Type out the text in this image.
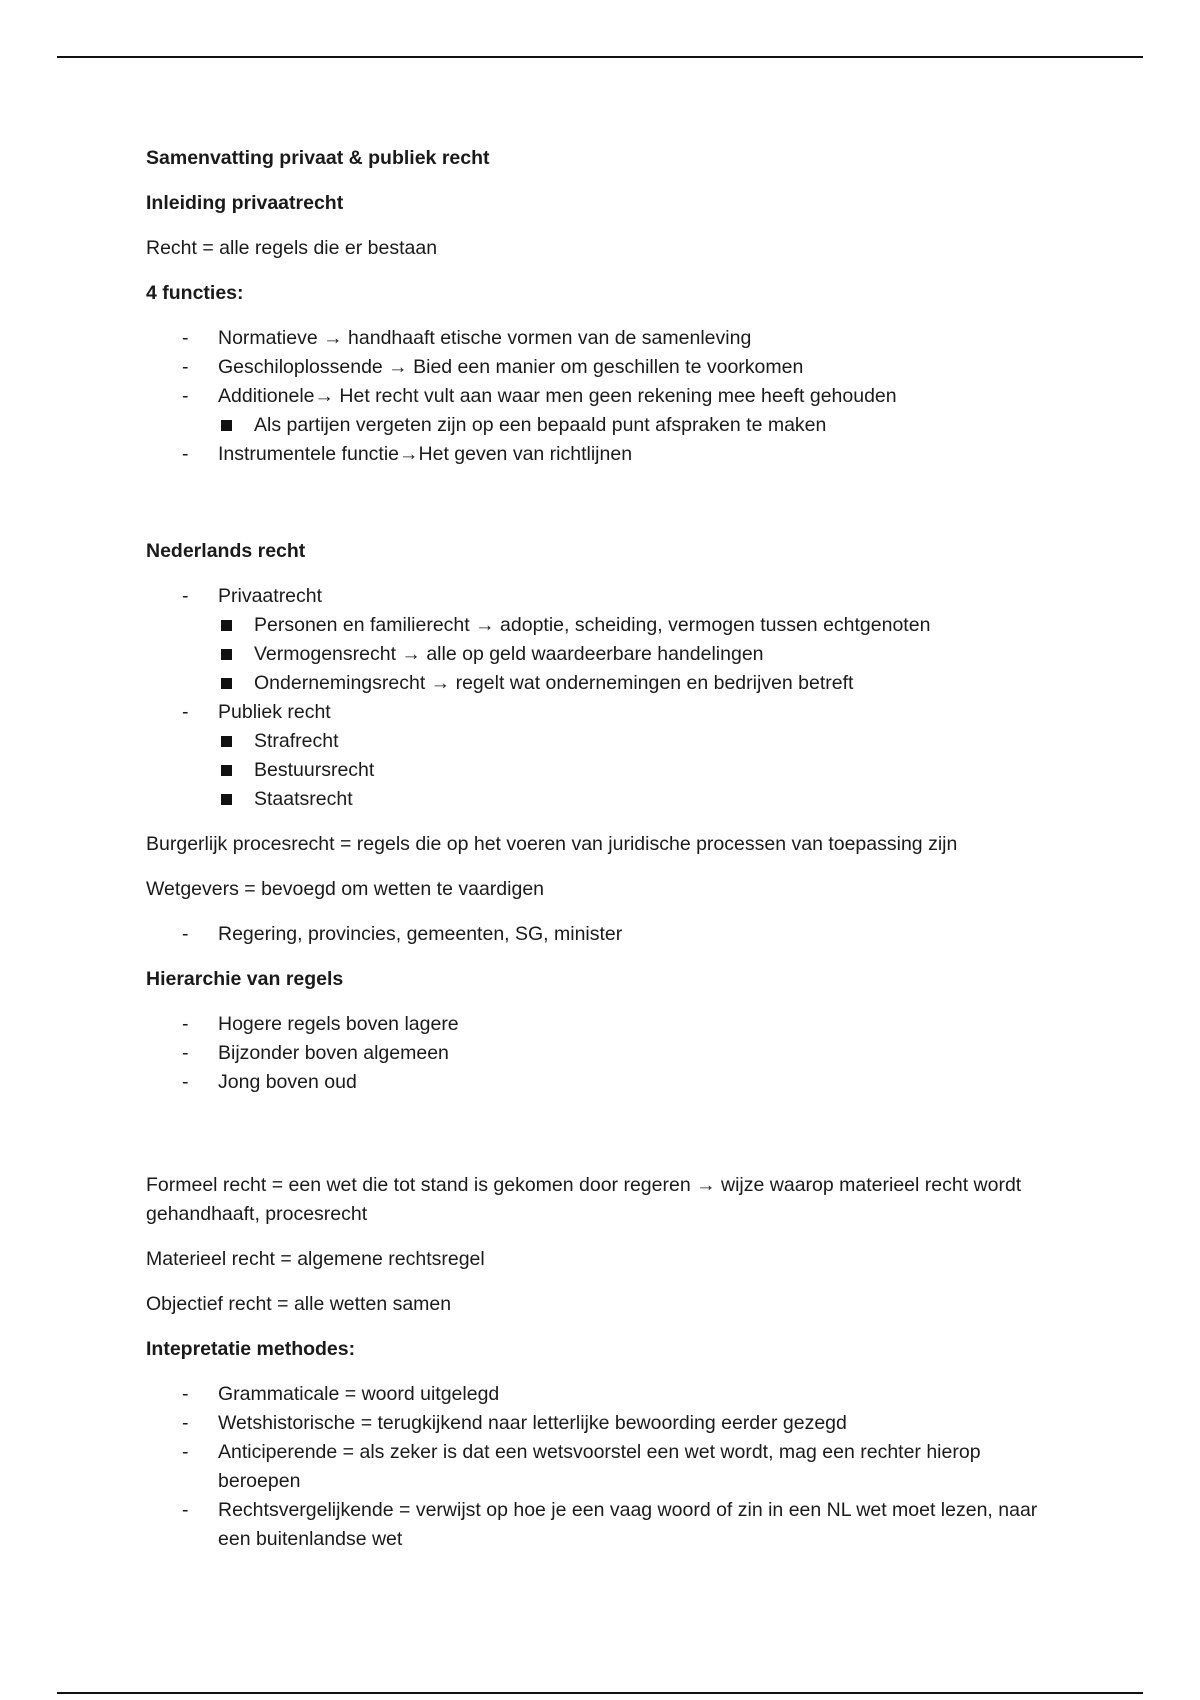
Samenvatting privaat & publiek recht

Inleiding privaatrecht

Recht = alle regels die er bestaan

4 functies:

- Normatieve → handhaaft etische vormen van de samenleving
- Geschiloplossende → Bied een manier om geschillen te voorkomen
- Additionele→ Het recht vult aan waar men geen rekening mee heeft gehouden
Als partijen vergeten zijn op een bepaald punt afspraken te maken
- Instrumentele functie→Het geven van richtlijnen

Nederlands recht

- Privaatrecht
Personen en familierecht → adoptie, scheiding, vermogen tussen echtgenoten
Vermogensrecht → alle op geld waardeerbare handelingen
Ondernemingsrecht → regelt wat ondernemingen en bedrijven betreft
- Publiek recht
Strafrecht
Bestuursrecht
Staatsrecht

Burgerlijk procesrecht = regels die op het voeren van juridische processen van toepassing zijn

Wetgevers = bevoegd om wetten te vaardigen

- Regering, provincies, gemeenten, SG, minister

Hierarchie van regels

- Hogere regels boven lagere
- Bijzonder boven algemeen
- Jong boven oud

Formeel recht = een wet die tot stand is gekomen door regeren → wijze waarop materieel recht wordt gehandhaaft, procesrecht

Materieel recht = algemene rechtsregel

Objectief recht = alle wetten samen

Intepretatie methodes:

- Grammaticale = woord uitgelegd
- Wetshistorische = terugkijkend naar letterlijke bewoording eerder gezegd
- Anticiperende = als zeker is dat een wetsvoorstel een wet wordt, mag een rechter hierop beroepen
- Rechtsvergelijkende = verwijst op hoe je een vaag woord of zin in een NL wet moet lezen, naar een buitenlandse wet
